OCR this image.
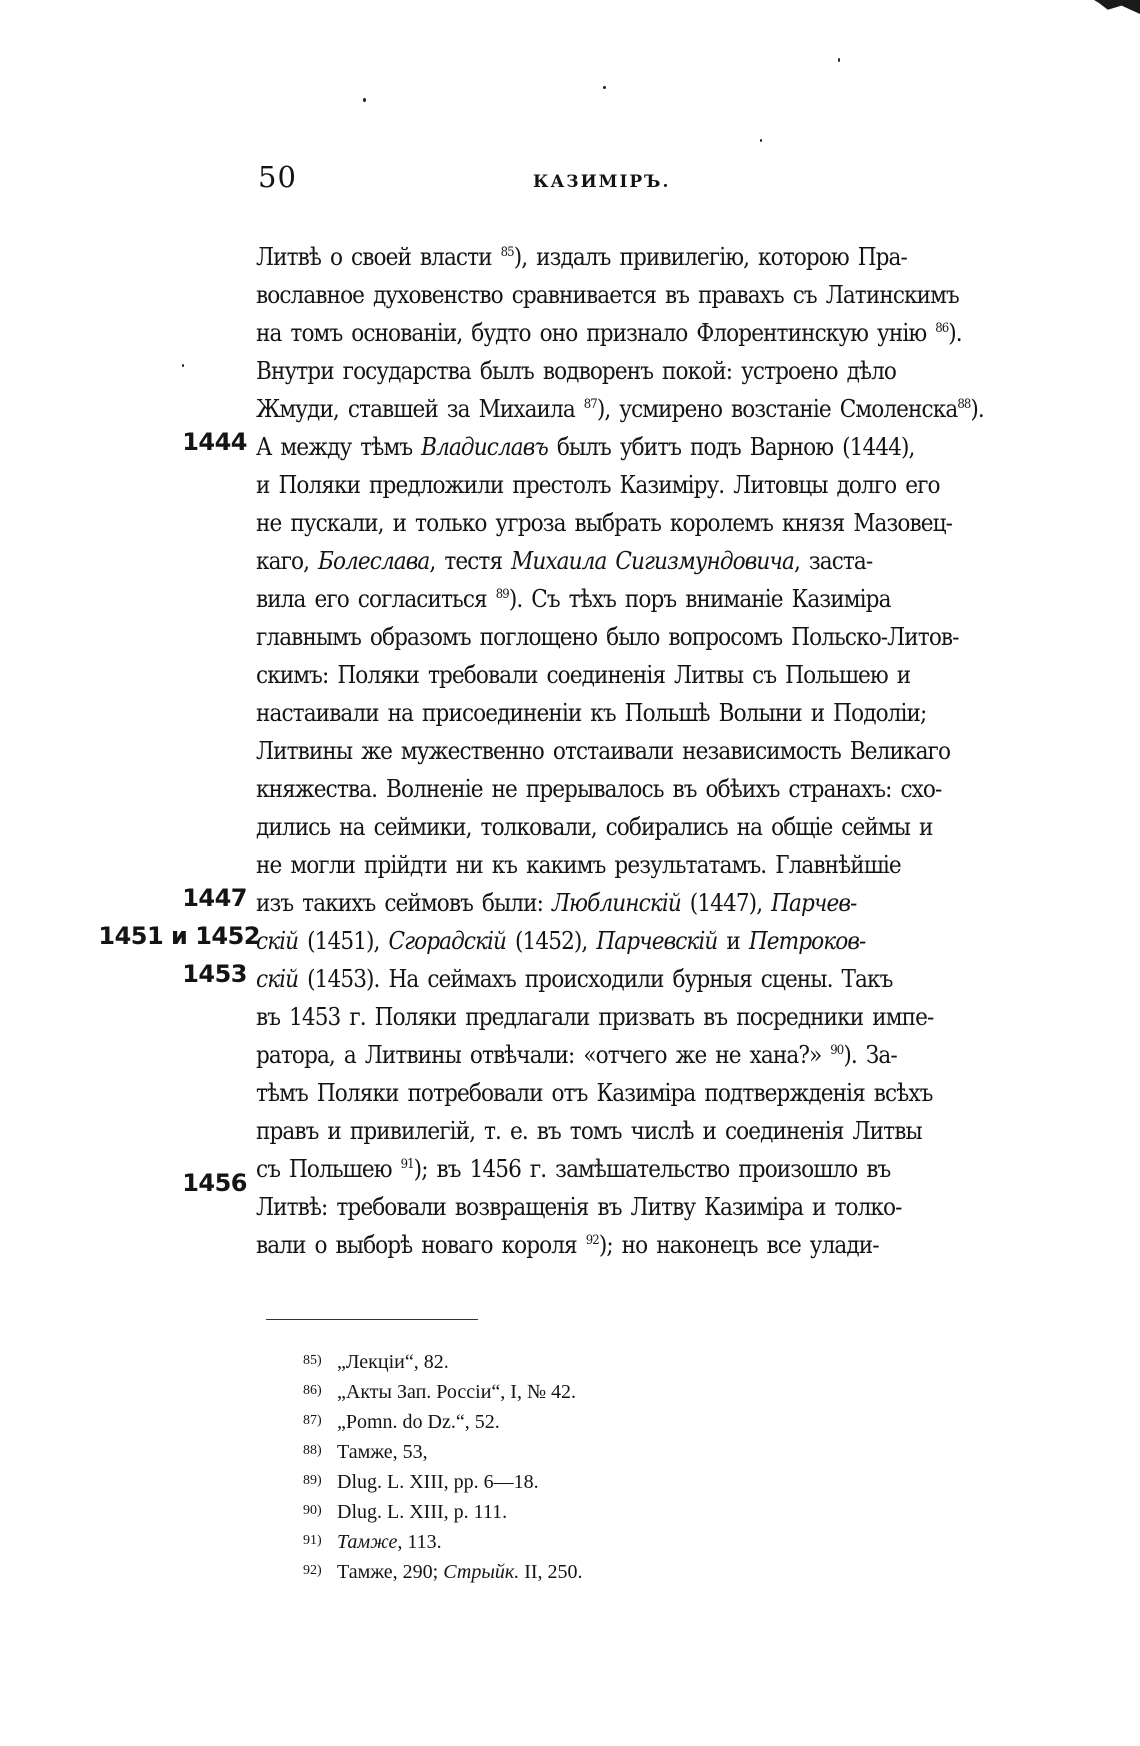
50	КАЗИМІРЪ.
1444
1447
1451 и 1452
1453
1456
Литвѣ о своей власти $^{85}$), издалъ привилегію, которою Пра-
вославное духовенство сравнивается въ правахъ съ Латинскимъ
на томъ основаніи, будто оно признало Флорентинскую унію $^{86}$).
Внутри государства былъ водворенъ покой: устроено дѣло
Жмуди, ставшей за Михаила $^{87}$), усмирено возстаніе Смоленска$^{88}$).
А между тѣмъ Владиславъ былъ убитъ подъ Варною (1444),
и Поляки предложили престолъ Казиміру. Литовцы долго его
не пускали, и только угроза выбрать королемъ князя Мазовец-
каго, Болеслава, тестя Михаила Сигизмундовича, заста-
вила его согласиться $^{89}$). Съ тѣхъ поръ вниманіе Казиміра
главнымъ образомъ поглощено было вопросомъ Польско-Литов-
скимъ: Поляки требовали соединенія Литвы съ Польшею и
настаивали на присоединеніи къ Польшѣ Волыни и Подоліи;
Литвины же мужественно отстаивали независимость Великаго
княжества. Волненіе не прерывалось въ обѣихъ странахъ: схо-
дились на сеймики, толковали, собирались на общіе сеймы и
не могли прійдти ни къ какимъ результатамъ. Главнѣйшіе
изъ такихъ сеймовъ были: Люблинскій (1447), Парчев-
скій (1451), Сгорадскій (1452), Парчевскій и Петроков-
скій (1453). На сеймахъ происходили бурныя сцены. Такъ
въ 1453 г. Поляки предлагали призвать въ посредники импе-
ратора, а Литвины отвѣчали: «отчего же не хана?» $^{90}$). За-
тѣмъ Поляки потребовали отъ Казиміра подтвержденія всѣхъ
правъ и привилегій, т. е. въ томъ числѣ и соединенія Литвы
съ Польшею $^{91}$); въ 1456 г. замѣшательство произошло въ
Литвѣ: требовали возвращенія въ Литву Казиміра и толко-
вали о выборѣ новаго короля $^{92}$); но наконецъ все улади-
85) „Лекціи“, 82.
86) „Акты Зап. Россіи“, I, № 42.
87) „Pomn. do Dz.“, 52.
88) Тамже, 53,
89) Dlug. L. XIII, pp. 6—18.
90) Dlug. L. XIII, p. 111.
91) Тамже, 113.
92) Тамже, 290; Стрыйк. II, 250.
